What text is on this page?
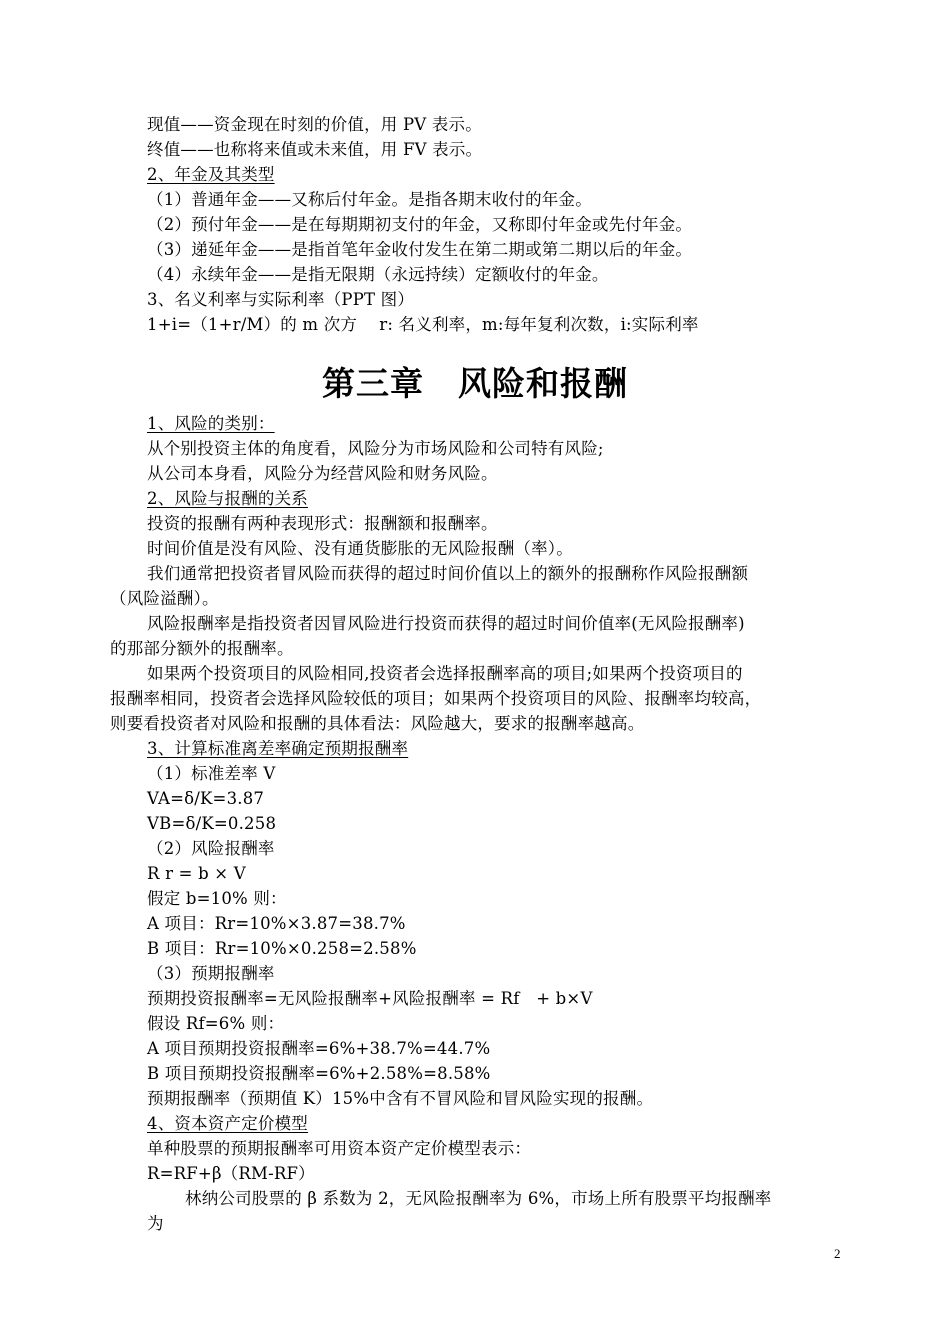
现值——资金现在时刻的价值，用 PV 表示。
终值——也称将来值或未来值，用 FV 表示。
2、年金及其类型
（1）普通年金——又称后付年金。是指各期末收付的年金。
（2）预付年金——是在每期期初支付的年金，又称即付年金或先付年金。
（3）递延年金——是指首笔年金收付发生在第二期或第二期以后的年金。
（4）永续年金——是指无限期（永远持续）定额收付的年金。
3、名义利率与实际利率（PPT 图）
1+i=（1+r/M）的 m 次方　 r: 名义利率，m:每年复利次数，i:实际利率
第三章　风险和报酬
1、风险的类别：
从个别投资主体的角度看，风险分为市场风险和公司特有风险;
从公司本身看，风险分为经营风险和财务风险。
2、风险与报酬的关系
投资的报酬有两种表现形式：报酬额和报酬率。
时间价值是没有风险、没有通货膨胀的无风险报酬（率）。
我们通常把投资者冒风险而获得的超过时间价值以上的额外的报酬称作风险报酬额
（风险溢酬）。
风险报酬率是指投资者因冒风险进行投资而获得的超过时间价值率(无风险报酬率)
的那部分额外的报酬率。
如果两个投资项目的风险相同,投资者会选择报酬率高的项目;如果两个投资项目的
报酬率相同，投资者会选择风险较低的项目；如果两个投资项目的风险、报酬率均较高，
则要看投资者对风险和报酬的具体看法：风险越大，要求的报酬率越高。
3、计算标准离差率确定预期报酬率
（1）标准差率 V
VA=δ/K=3.87
VB=δ/K=0.258
（2）风险报酬率
R r = b × V
假定 b=10% 则：
A 项目：Rr=10%×3.87=38.7%
B 项目：Rr=10%×0.258=2.58%
（3）预期报酬率
预期投资报酬率=无风险报酬率+风险报酬率 = Rf　+ b×V
假设 Rf=6% 则：
A 项目预期投资报酬率=6%+38.7%=44.7%
B 项目预期投资报酬率=6%+2.58%=8.58%
预期报酬率（预期值 K）15%中含有不冒风险和冒风险实现的报酬。
4、资本资产定价模型
单种股票的预期报酬率可用资本资产定价模型表示：
R=RF+β（RM-RF）
林纳公司股票的 β 系数为 2，无风险报酬率为 6%，市场上所有股票平均报酬率
为
2
